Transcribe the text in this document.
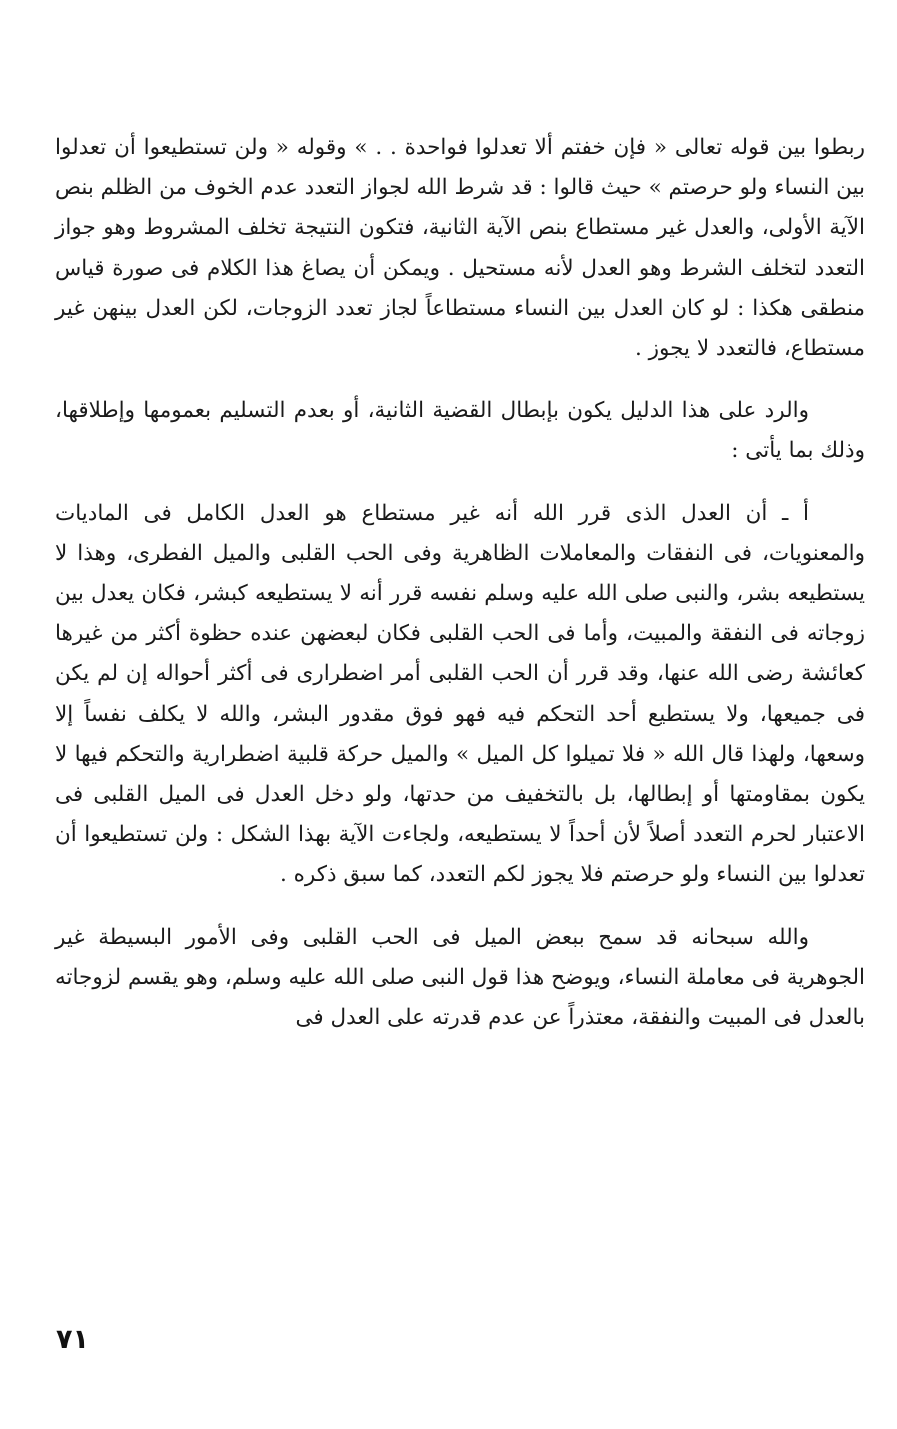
ربطوا بين قوله تعالى « فإن خفتم ألا تعدلوا فواحدة . . » وقوله « ولن تستطيعوا أن تعدلوا بين النساء ولو حرصتم » حيث قالوا : قد شرط الله لجواز التعدد عدم الخوف من الظلم بنص الآية الأولى، والعدل غير مستطاع بنص الآية الثانية، فتكون النتيجة تخلف المشروط وهو جواز التعدد لتخلف الشرط وهو العدل لأنه مستحيل . ويمكن أن يصاغ هذا الكلام فى صورة قياس منطقى هكذا : لو كان العدل بين النساء مستطاعاً لجاز تعدد الزوجات، لكن العدل بينهن غير مستطاع، فالتعدد لا يجوز .

والرد على هذا الدليل يكون بإبطال القضية الثانية، أو بعدم التسليم بعمومها وإطلاقها، وذلك بما يأتى :

أ ـ أن العدل الذى قرر الله أنه غير مستطاع هو العدل الكامل فى الماديات والمعنويات، فى النفقات والمعاملات الظاهرية وفى الحب القلبى والميل الفطرى، وهذا لا يستطيعه بشر، والنبى صلى الله عليه وسلم نفسه قرر أنه لا يستطيعه كبشر، فكان يعدل بين زوجاته فى النفقة والمبيت، وأما فى الحب القلبى فكان لبعضهن عنده حظوة أكثر من غيرها كعائشة رضى الله عنها، وقد قرر أن الحب القلبى أمر اضطرارى فى أكثر أحواله إن لم يكن فى جميعها، ولا يستطيع أحد التحكم فيه فهو فوق مقدور البشر، والله لا يكلف نفساً إلا وسعها، ولهذا قال الله « فلا تميلوا كل الميل » والميل حركة قلبية اضطرارية والتحكم فيها لا يكون بمقاومتها أو إبطالها، بل بالتخفيف من حدتها، ولو دخل العدل فى الميل القلبى فى الاعتبار لحرم التعدد أصلاً لأن أحداً لا يستطيعه، ولجاءت الآية بهذا الشكل : ولن تستطيعوا أن تعدلوا بين النساء ولو حرصتم فلا يجوز لكم التعدد، كما سبق ذكره .

والله سبحانه قد سمح ببعض الميل فى الحب القلبى وفى الأمور البسيطة غير الجوهرية فى معاملة النساء، ويوضح هذا قول النبى صلى الله عليه وسلم، وهو يقسم لزوجاته بالعدل فى المبيت والنفقة، معتذراً عن عدم قدرته على العدل فى

٧١
